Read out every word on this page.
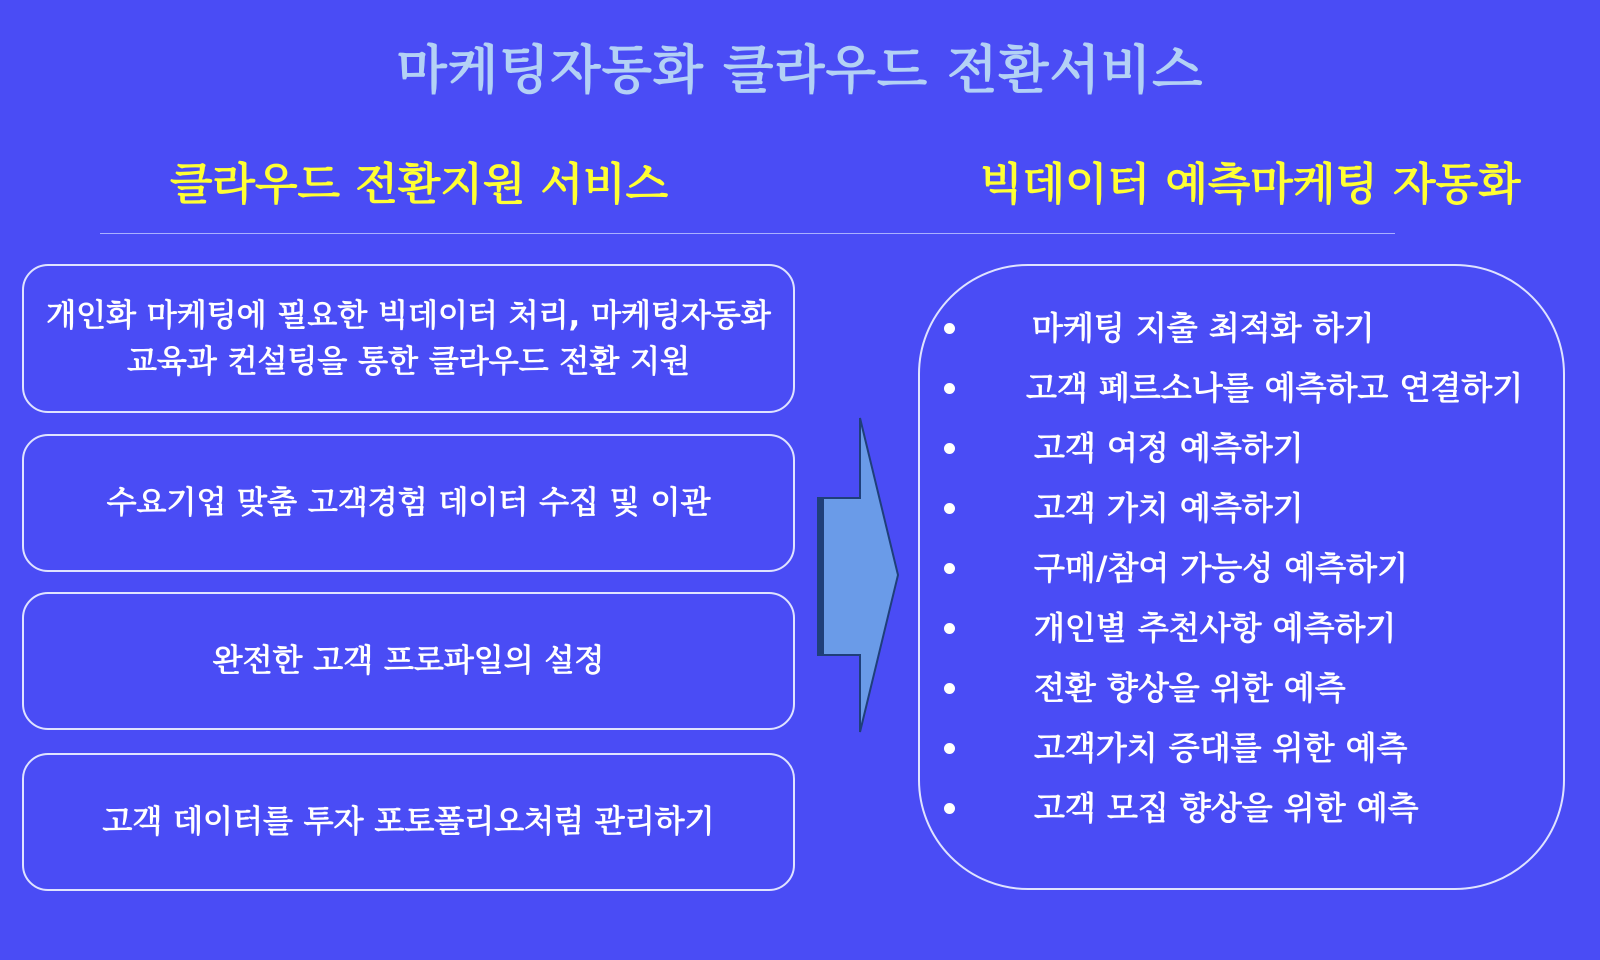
마케팅자동화 클라우드 전환서비스
클라우드 전환지원 서비스	빅데이터 예측마케팅 자동화
개인화 마케팅에 필요한 빅데이터 처리, 마케팅자동화
교육과 컨설팅을 통한 클라우드 전환 지원
수요기업 맞춤 고객경험 데이터 수집 및 이관
완전한 고객 프로파일의 설정
고객 데이터를 투자 포토폴리오처럼 관리하기
마케팅 지출 최적화 하기
고객 페르소나를 예측하고 연결하기
고객 여정 예측하기
고객 가치 예측하기
구매/참여 가능성 예측하기
개인별 추천사항 예측하기
전환 향상을 위한 예측
고객가치 증대를 위한 예측
고객 모집 향상을 위한 예측
